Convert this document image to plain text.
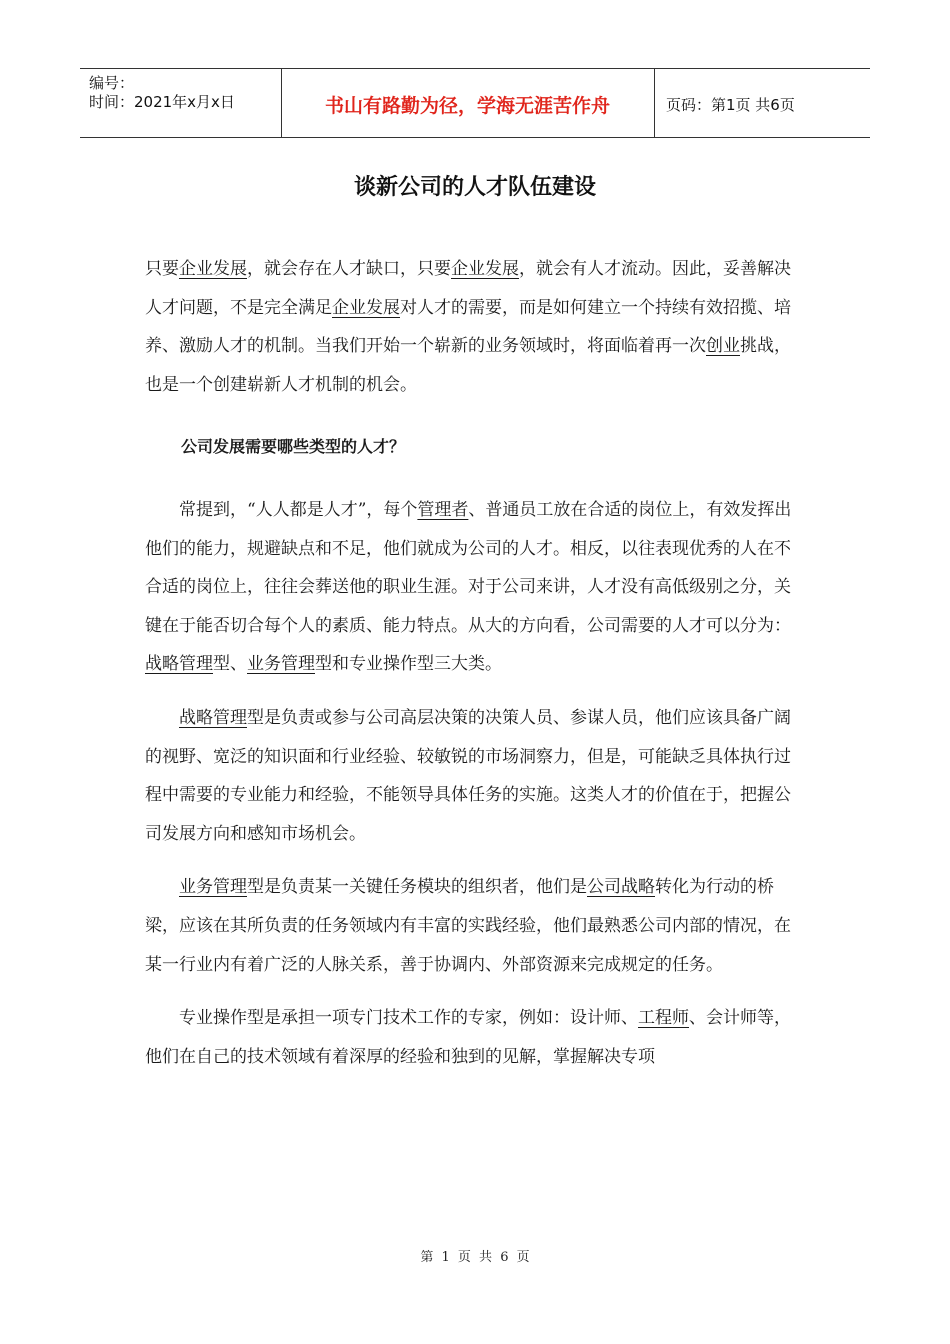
编号：
时间：2021年x月x日	书山有路勤为径，学海无涯苦作舟	页码：第1页 共6页
谈新公司的人才队伍建设

只要企业发展，就会存在人才缺口，只要企业发展，就会有人才流动。因此，妥善解决人才问题，不是完全满足企业发展对人才的需要，而是如何建立一个持续有效招揽、培养、激励人才的机制。当我们开始一个崭新的业务领域时，将面临着再一次创业挑战，也是一个创建崭新人才机制的机会。

公司发展需要哪些类型的人才？

常提到，“人人都是人才”，每个管理者、普通员工放在合适的岗位上，有效发挥出他们的能力，规避缺点和不足，他们就成为公司的人才。相反，以往表现优秀的人在不合适的岗位上，往往会葬送他的职业生涯。对于公司来讲，人才没有高低级别之分，关键在于能否切合每个人的素质、能力特点。从大的方向看，公司需要的人才可以分为：战略管理型、业务管理型和专业操作型三大类。

战略管理型是负责或参与公司高层决策的决策人员、参谋人员，他们应该具备广阔的视野、宽泛的知识面和行业经验、较敏锐的市场洞察力，但是，可能缺乏具体执行过程中需要的专业能力和经验，不能领导具体任务的实施。这类人才的价值在于，把握公司发展方向和感知市场机会。

业务管理型是负责某一关键任务模块的组织者，他们是公司战略转化为行动的桥梁，应该在其所负责的任务领域内有丰富的实践经验，他们最熟悉公司内部的情况，在某一行业内有着广泛的人脉关系，善于协调内、外部资源来完成规定的任务。

专业操作型是承担一项专门技术工作的专家，例如：设计师、工程师、会计师等，他们在自己的技术领域有着深厚的经验和独到的见解，掌握解决专项

第 1 页 共 6 页
